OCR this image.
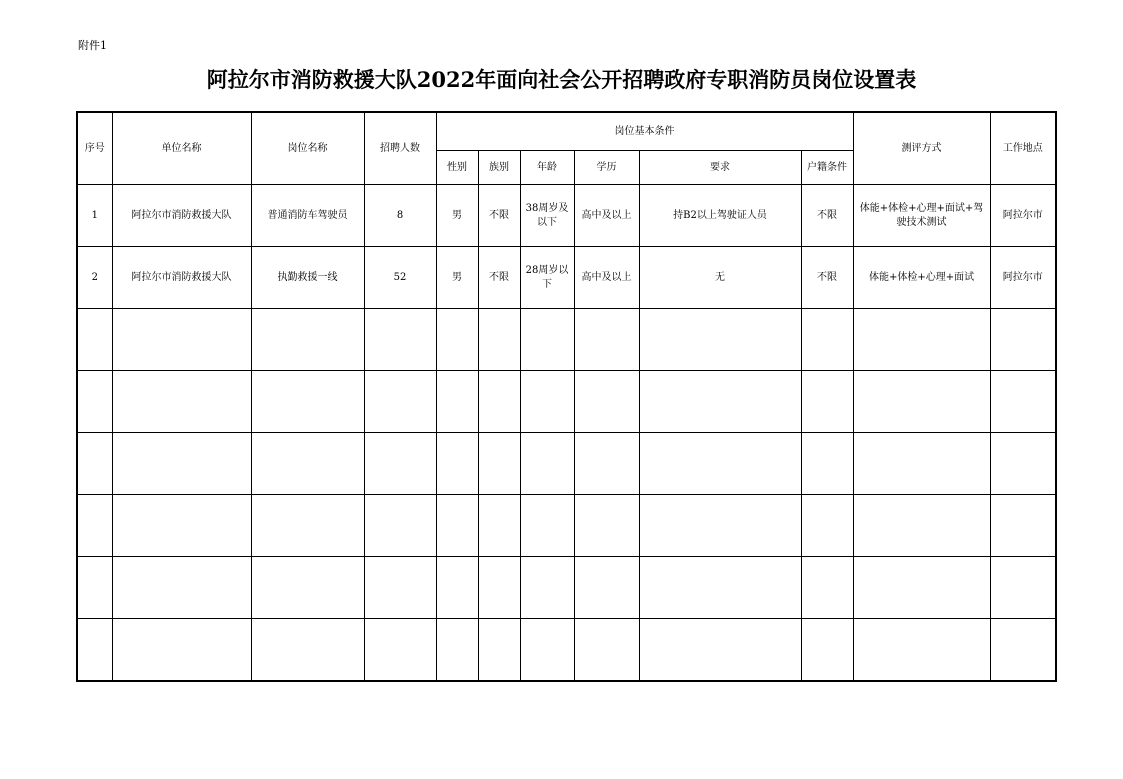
附件1
阿拉尔市消防救援大队2022年面向社会公开招聘政府专职消防员岗位设置表
序号	单位名称	岗位名称	招聘人数	岗位基本条件						测评方式	工作地点
				性别	族别	年龄	学历	要求	户籍条件		
1	阿拉尔市消防救援大队	普通消防车驾驶员	8	男	不限	38周岁及以下	高中及以上	持B2以上驾驶证人员	不限	体能+体检+心理+面试+驾驶技术测试	阿拉尔市
2	阿拉尔市消防救援大队	执勤救援一线	52	男	不限	28周岁以下	高中及以上	无	不限	体能+体检+心理+面试	阿拉尔市
